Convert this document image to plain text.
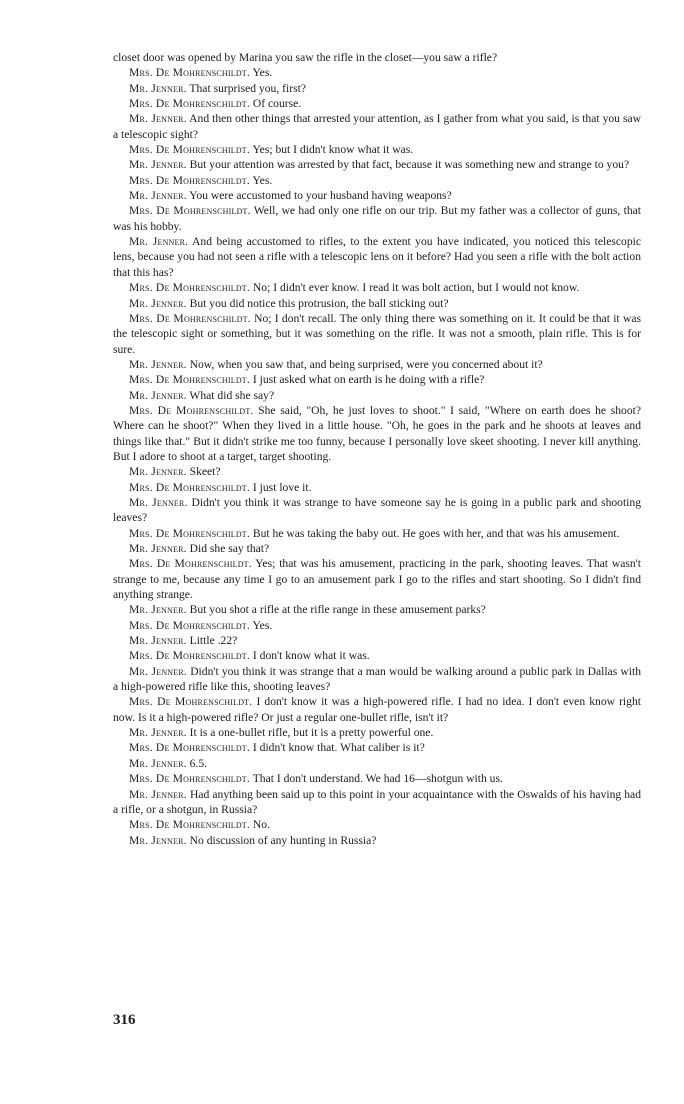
closet door was opened by Marina you saw the rifle in the closet—you saw a rifle?

Mrs. De Mohrenschildt. Yes.

Mr. Jenner. That surprised you, first?

Mrs. De Mohrenschildt. Of course.

Mr. Jenner. And then other things that arrested your attention, as I gather from what you said, is that you saw a telescopic sight?

Mrs. De Mohrenschildt. Yes; but I didn't know what it was.

Mr. Jenner. But your attention was arrested by that fact, because it was something new and strange to you?

Mrs. De Mohrenschildt. Yes.

Mr. Jenner. You were accustomed to your husband having weapons?

Mrs. De Mohrenschildt. Well, we had only one rifle on our trip. But my father was a collector of guns, that was his hobby.

Mr. Jenner. And being accustomed to rifles, to the extent you have indicated, you noticed this telescopic lens, because you had not seen a rifle with a telescopic lens on it before? Had you seen a rifle with the bolt action that this has?

Mrs. De Mohrenschildt. No; I didn't ever know. I read it was bolt action, but I would not know.

Mr. Jenner. But you did notice this protrusion, the ball sticking out?

Mrs. De Mohrenschildt. No; I don't recall. The only thing there was something on it. It could be that it was the telescopic sight or something, but it was something on the rifle. It was not a smooth, plain rifle. This is for sure.

Mr. Jenner. Now, when you saw that, and being surprised, were you concerned about it?

Mrs. De Mohrenschildt. I just asked what on earth is he doing with a rifle?

Mr. Jenner. What did she say?

Mrs. De Mohrenschildt. She said, "Oh, he just loves to shoot." I said, "Where on earth does he shoot? Where can he shoot?" When they lived in a little house. "Oh, he goes in the park and he shoots at leaves and things like that." But it didn't strike me too funny, because I personally love skeet shooting. I never kill anything. But I adore to shoot at a target, target shooting.

Mr. Jenner. Skeet?

Mrs. De Mohrenschildt. I just love it.

Mr. Jenner. Didn't you think it was strange to have someone say he is going in a public park and shooting leaves?

Mrs. De Mohrenschildt. But he was taking the baby out. He goes with her, and that was his amusement.

Mr. Jenner. Did she say that?

Mrs. De Mohrenschildt. Yes; that was his amusement, practicing in the park, shooting leaves. That wasn't strange to me, because any time I go to an amusement park I go to the rifles and start shooting. So I didn't find anything strange.

Mr. Jenner. But you shot a rifle at the rifle range in these amusement parks?

Mrs. De Mohrenschildt. Yes.

Mr. Jenner. Little .22?

Mrs. De Mohrenschildt. I don't know what it was.

Mr. Jenner. Didn't you think it was strange that a man would be walking around a public park in Dallas with a high-powered rifle like this, shooting leaves?

Mrs. De Mohrenschildt. I don't know it was a high-powered rifle. I had no idea. I don't even know right now. Is it a high-powered rifle? Or just a regular one-bullet rifle, isn't it?

Mr. Jenner. It is a one-bullet rifle, but it is a pretty powerful one.

Mrs. De Mohrenschildt. I didn't know that. What caliber is it?

Mr. Jenner. 6.5.

Mrs. De Mohrenschildt. That I don't understand. We had 16—shotgun with us.

Mr. Jenner. Had anything been said up to this point in your acquaintance with the Oswalds of his having had a rifle, or a shotgun, in Russia?

Mrs. De Mohrenschildt. No.

Mr. Jenner. No discussion of any hunting in Russia?

316
